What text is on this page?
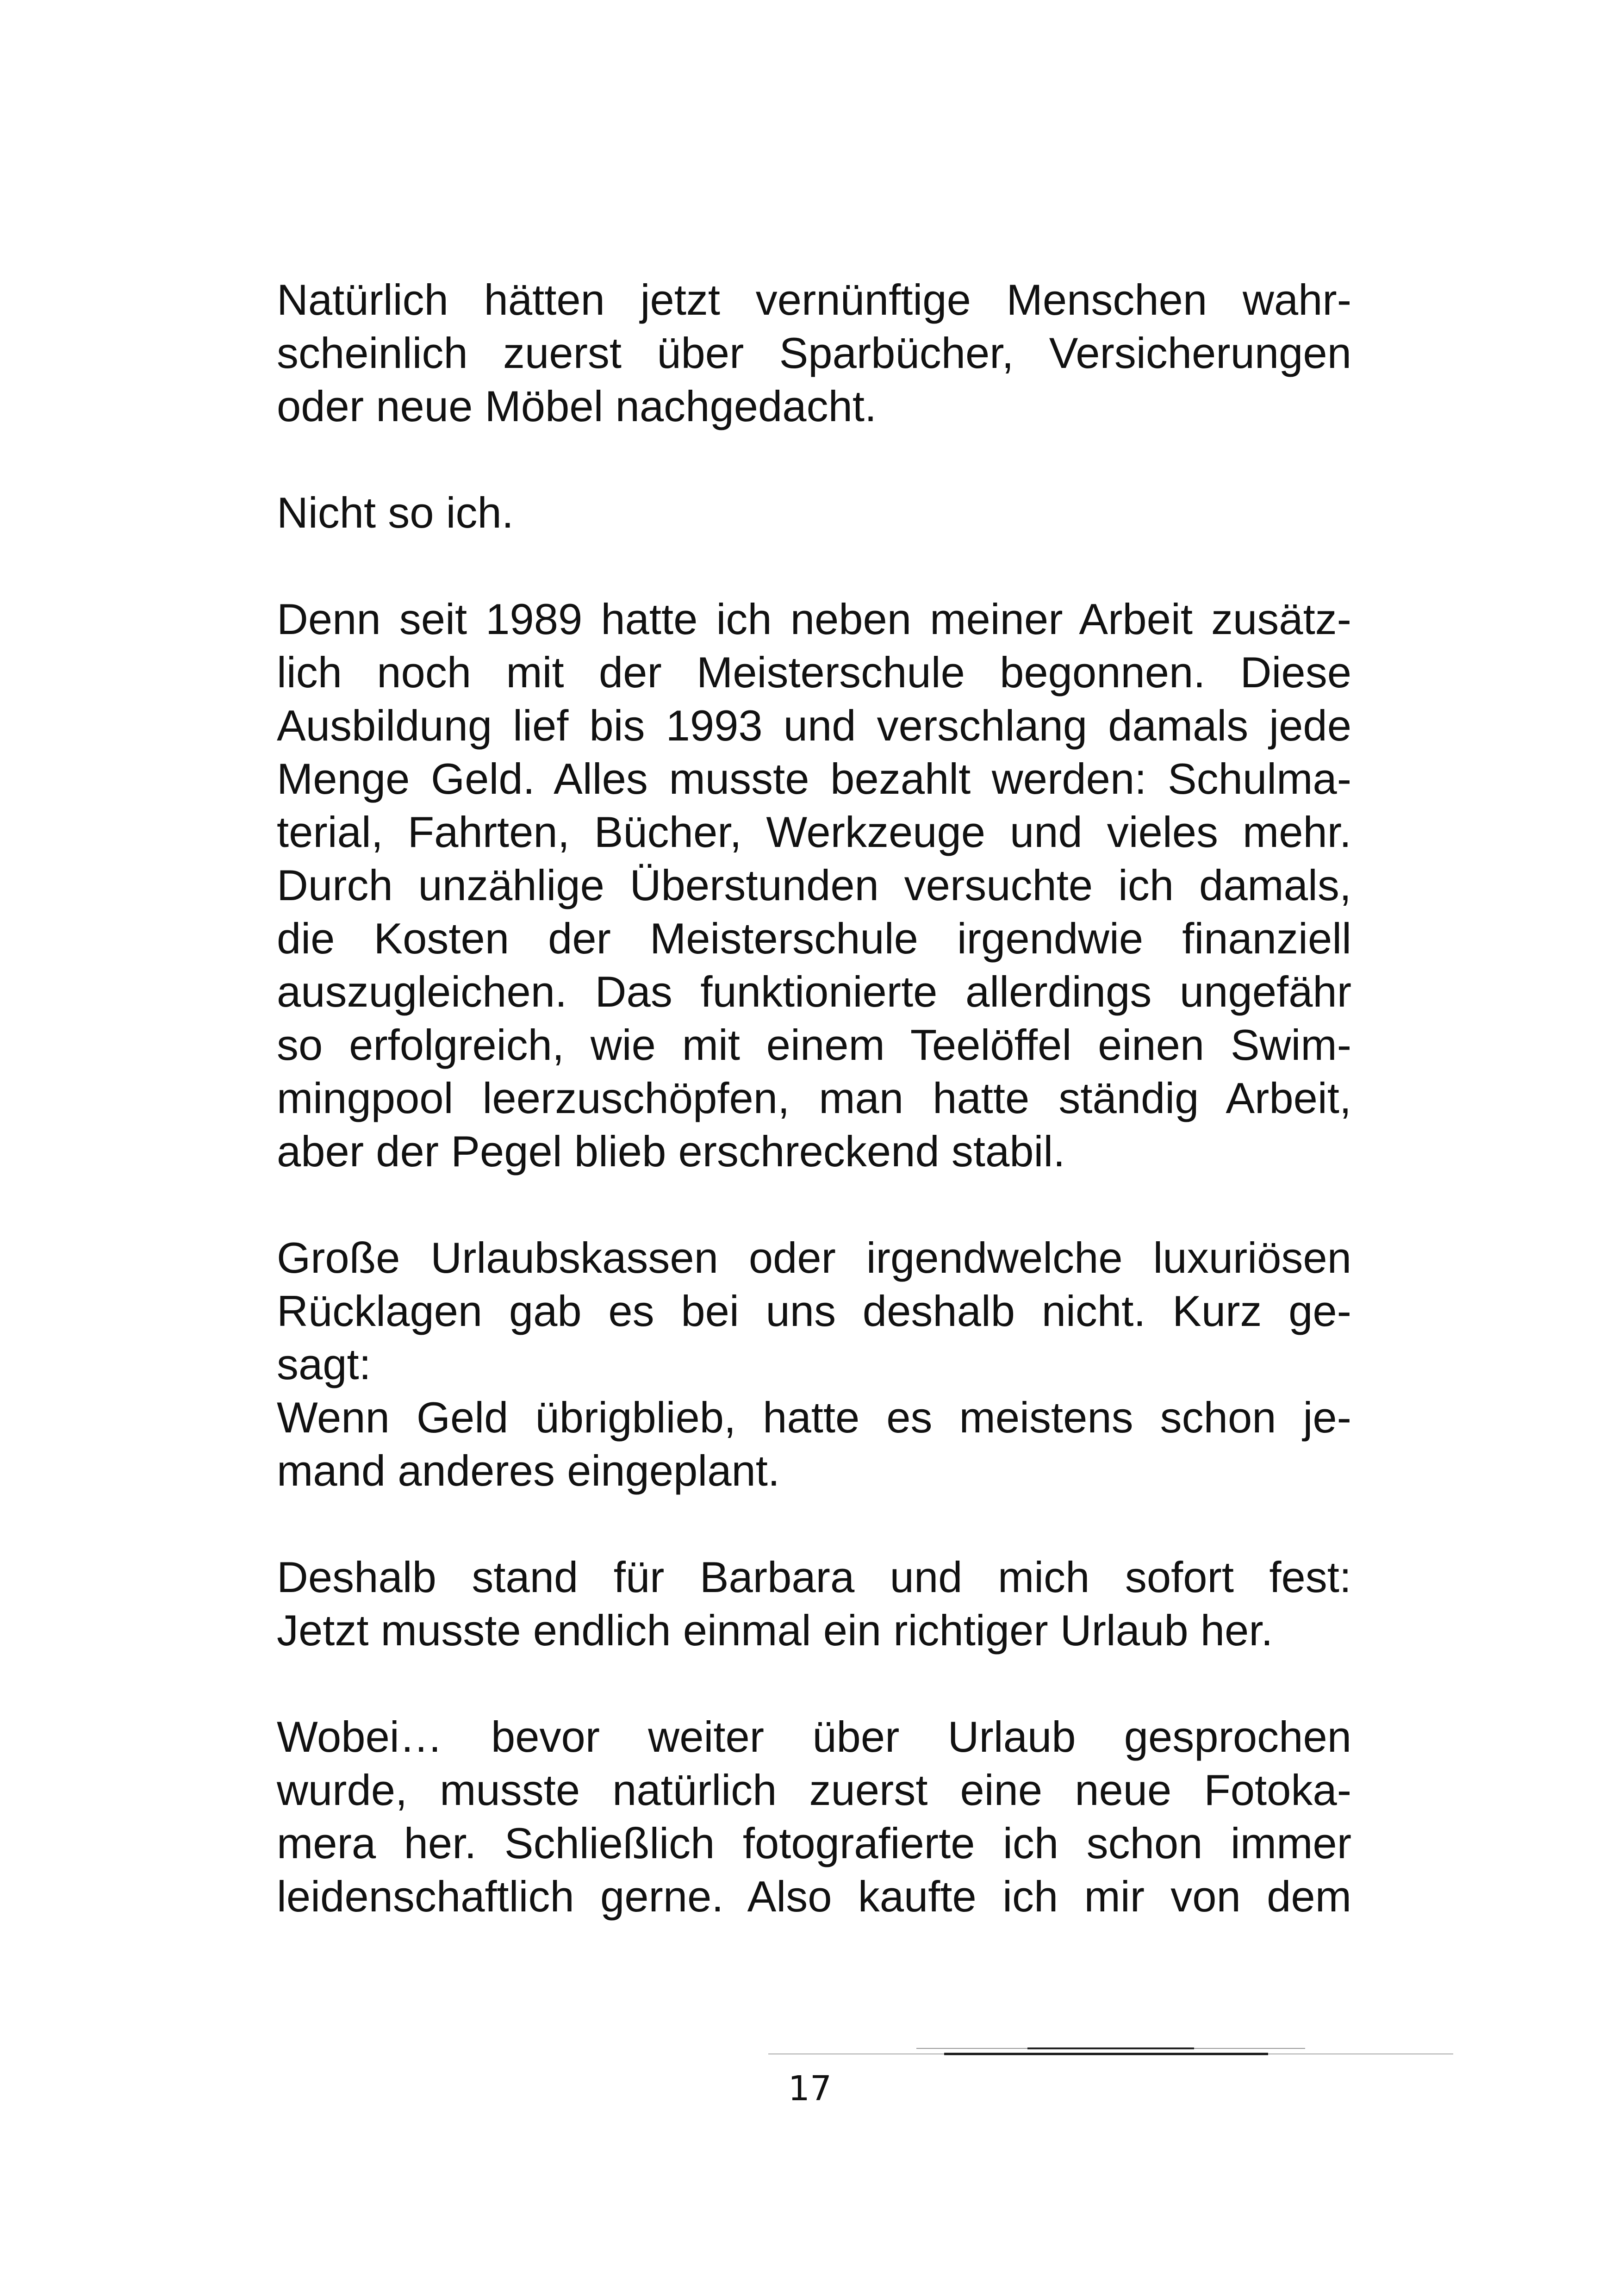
Natürlich hätten jetzt vernünftige Menschen wahr-
scheinlich zuerst über Sparbücher, Versicherungen
oder neue Möbel nachgedacht.

Nicht so ich.

Denn seit 1989 hatte ich neben meiner Arbeit zusätz-
lich noch mit der Meisterschule begonnen. Diese
Ausbildung lief bis 1993 und verschlang damals jede
Menge Geld. Alles musste bezahlt werden: Schulma-
terial, Fahrten, Bücher, Werkzeuge und vieles mehr.
Durch unzählige Überstunden versuchte ich damals,
die Kosten der Meisterschule irgendwie finanziell
auszugleichen. Das funktionierte allerdings ungefähr
so erfolgreich, wie mit einem Teelöffel einen Swim-
mingpool leerzuschöpfen, man hatte ständig Arbeit,
aber der Pegel blieb erschreckend stabil.

Große Urlaubskassen oder irgendwelche luxuriösen
Rücklagen gab es bei uns deshalb nicht. Kurz ge-
sagt:
Wenn Geld übrigblieb, hatte es meistens schon je-
mand anderes eingeplant.

Deshalb stand für Barbara und mich sofort fest:
Jetzt musste endlich einmal ein richtiger Urlaub her.

Wobei… bevor weiter über Urlaub gesprochen
wurde, musste natürlich zuerst eine neue Fotoka-
mera her. Schließlich fotografierte ich schon immer
leidenschaftlich gerne. Also kaufte ich mir von dem

17
